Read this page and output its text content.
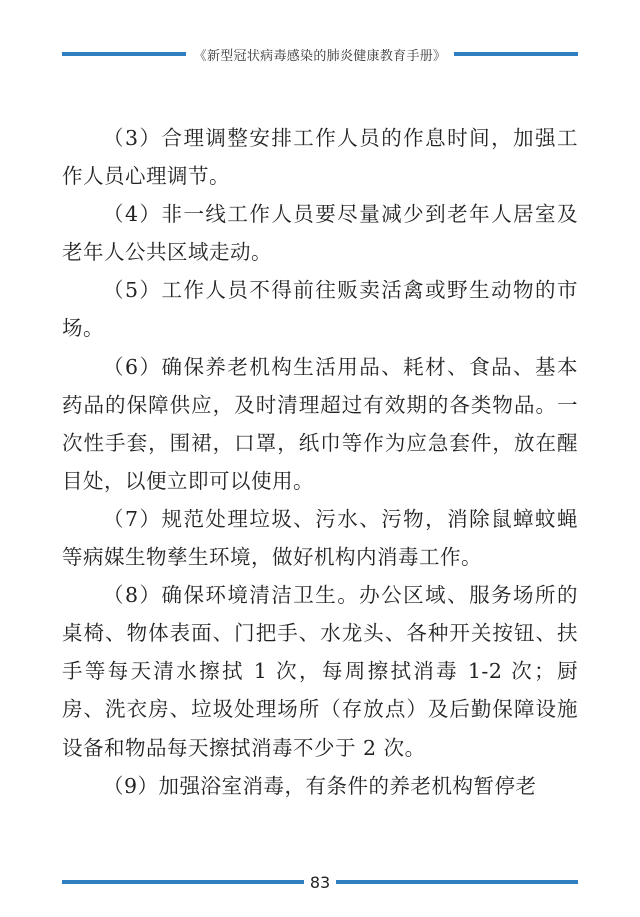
《新型冠状病毒感染的肺炎健康教育手册》

（3）合理调整安排工作人员的作息时间，加强工作人员心理调节。

（4）非一线工作人员要尽量减少到老年人居室及老年人公共区域走动。

（5）工作人员不得前往贩卖活禽或野生动物的市场。

（6）确保养老机构生活用品、耗材、食品、基本药品的保障供应，及时清理超过有效期的各类物品。一次性手套，围裙，口罩，纸巾等作为应急套件，放在醒目处，以便立即可以使用。

（7）规范处理垃圾、污水、污物，消除鼠蟑蚊蝇等病媒生物孳生环境，做好机构内消毒工作。

（8）确保环境清洁卫生。办公区域、服务场所的桌椅、物体表面、门把手、水龙头、各种开关按钮、扶手等每天清水擦拭 1 次，每周擦拭消毒 1-2 次；厨房、洗衣房、垃圾处理场所（存放点）及后勤保障设施设备和物品每天擦拭消毒不少于 2 次。

（9）加强浴室消毒，有条件的养老机构暂停老

83
